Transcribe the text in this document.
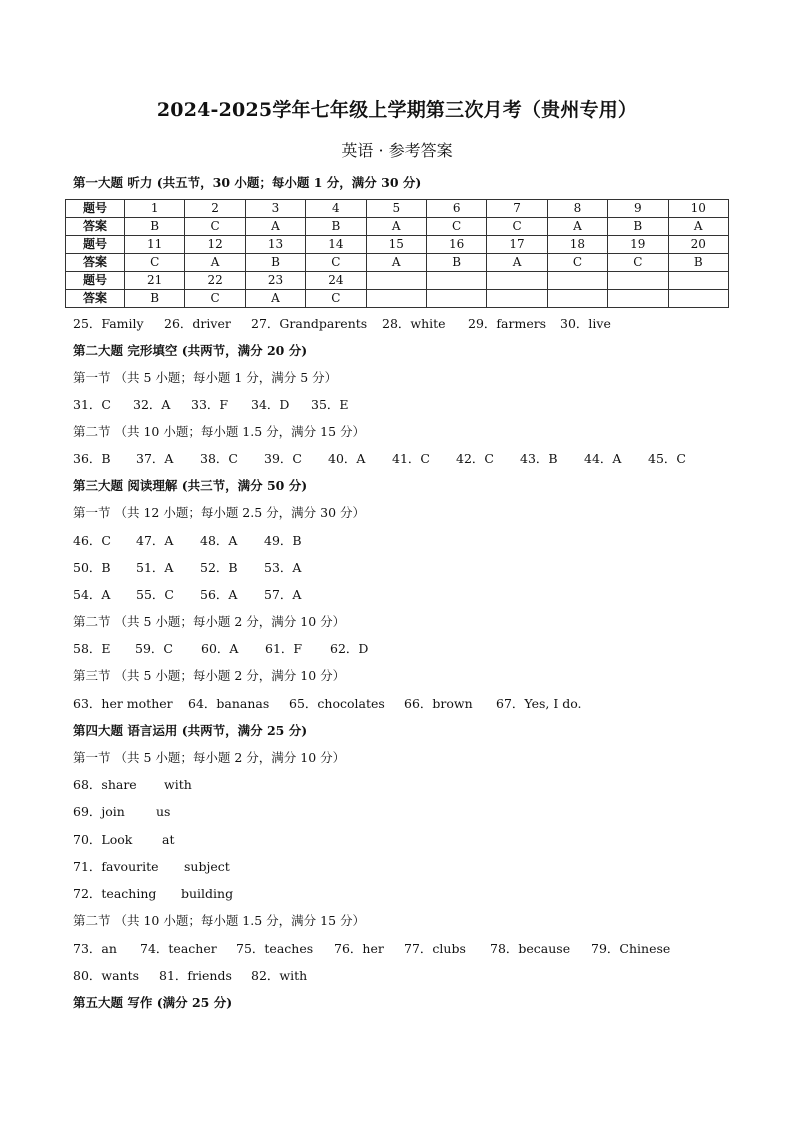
2024-2025学年七年级上学期第三次月考（贵州专用）
英语 · 参考答案
第一大题 听力 (共五节，30 小题；每小题 1 分，满分 30 分)
题号	1	2	3	4	5	6	7	8	9	10
答案	B	C	A	B	A	C	C	A	B	A
题号	11	12	13	14	15	16	17	18	19	20
答案	C	A	B	C	A	B	A	C	C	B
题号	21	22	23	24						
答案	B	C	A	C						
25．Family 26．driver 27．Grandparents 28．white 29．farmers 30．live
第二大题 完形填空 (共两节，满分 20 分)
第一节 （共 5 小题；每小题 1 分，满分 5 分）
31．C 32．A 33．F 34．D 35．E
第二节 （共 10 小题；每小题 1.5 分，满分 15 分）
36．B 37．A 38．C 39．C 40．A 41．C 42．C 43．B 44．A 45．C
第三大题 阅读理解 (共三节，满分 50 分)
第一节 （共 12 小题；每小题 2.5 分，满分 30 分）
46．C 47．A 48．A 49．B
50．B 51．A 52．B 53．A
54．A 55．C 56．A 57．A
第二节 （共 5 小题；每小题 2 分，满分 10 分）
58．E 59．C 60．A 61．F 62．D
第三节 （共 5 小题；每小题 2 分，满分 10 分）
63．her mother 64．bananas 65．chocolates 66．brown 67．Yes, I do.
第四大题 语言运用 (共两节，满分 25 分)
第一节 （共 5 小题；每小题 2 分，满分 10 分）
68．share with
69．join us
70．Look at
71．favourite subject
72．teaching building
第二节 （共 10 小题；每小题 1.5 分，满分 15 分）
73．an 74．teacher 75．teaches 76．her 77．clubs 78．because 79．Chinese
80．wants 81．friends 82．with
第五大题 写作 (满分 25 分)
